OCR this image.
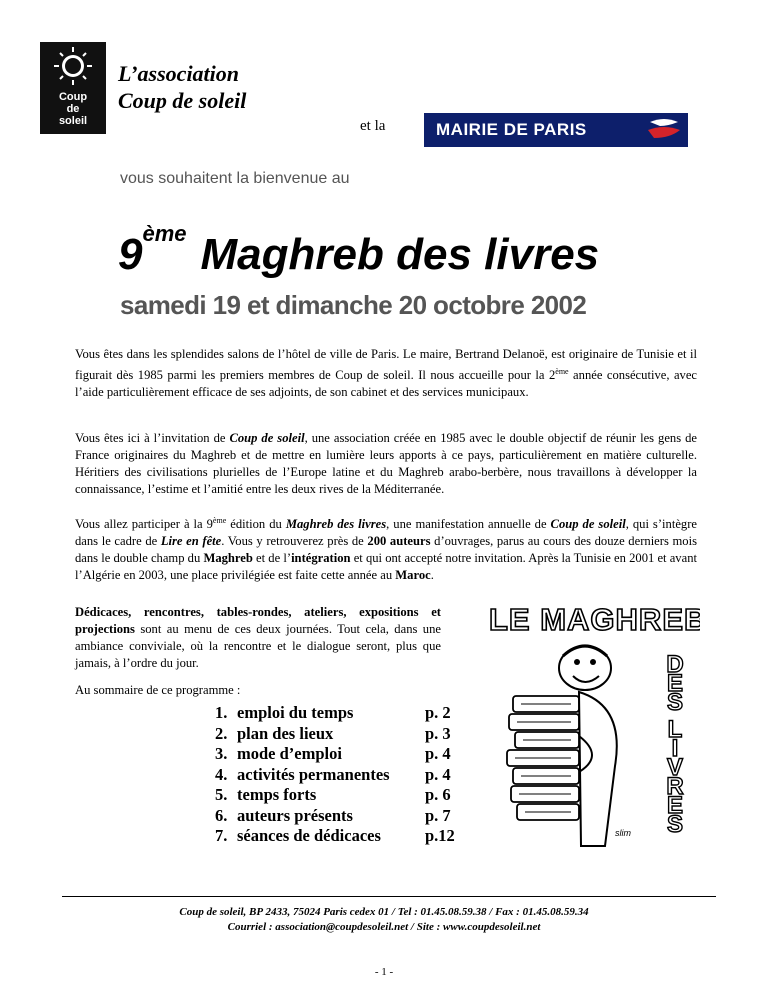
Coup
de
soleil
L’association
Coup de soleil
et la	MAIRIE DE PARIS
vous souhaitent la bienvenue au
9ème Maghreb des livres
samedi 19 et dimanche 20 octobre 2002
Vous êtes dans les splendides salons de l’hôtel de ville de Paris. Le maire, Bertrand Delanoë, est originaire de Tunisie et il figurait dès 1985 parmi les premiers membres de Coup de soleil. Il nous accueille pour la 2ème année consécutive, avec l’aide particulièrement efficace de ses adjoints, de son cabinet et des services municipaux.
Vous êtes ici à l’invitation de Coup de soleil, une association créée en 1985 avec le double objectif de réunir les gens de France originaires du Maghreb et de mettre en lumière leurs apports à ce pays, particulièrement en matière culturelle. Héritiers des civilisations plurielles de l’Europe latine et du Maghreb arabo-berbère, nous travaillons à développer la connaissance, l’estime et l’amitié entre les deux rives de la Méditerranée.
Vous allez participer à la 9ème édition du Maghreb des livres, une manifestation annuelle de Coup de soleil, qui s’intègre dans le cadre de Lire en fête. Vous y retrouverez près de 200 auteurs d’ouvrages, parus au cours des douze derniers mois dans le double champ du Maghreb et de l’intégration et qui ont accepté notre invitation. Après la Tunisie en 2001 et avant l’Algérie en 2003, une place privilégiée est faite cette année au Maroc.
Dédicaces, rencontres, tables-rondes, ateliers, expositions et projections sont au menu de ces deux journées. Tout cela, dans une ambiance conviviale, où la rencontre et le dialogue seront, plus que jamais, à l’ordre du jour.
Au sommaire de ce programme :
1. emploi du temps	p. 2
2. plan des lieux	p. 3
3. mode d’emploi	p. 4
4. activités permanentes	p. 4
5. temps forts	p. 6
6. auteurs présents	p. 7
7. séances de dédicaces	p.12
LE MAGHREB
D E S L I V R E S
slim
Coup de soleil, BP 2433, 75024 Paris cedex 01 / Tel : 01.45.08.59.38 / Fax : 01.45.08.59.34
Courriel : association@coupdesoleil.net / Site : www.coupdesoleil.net
- 1 -
